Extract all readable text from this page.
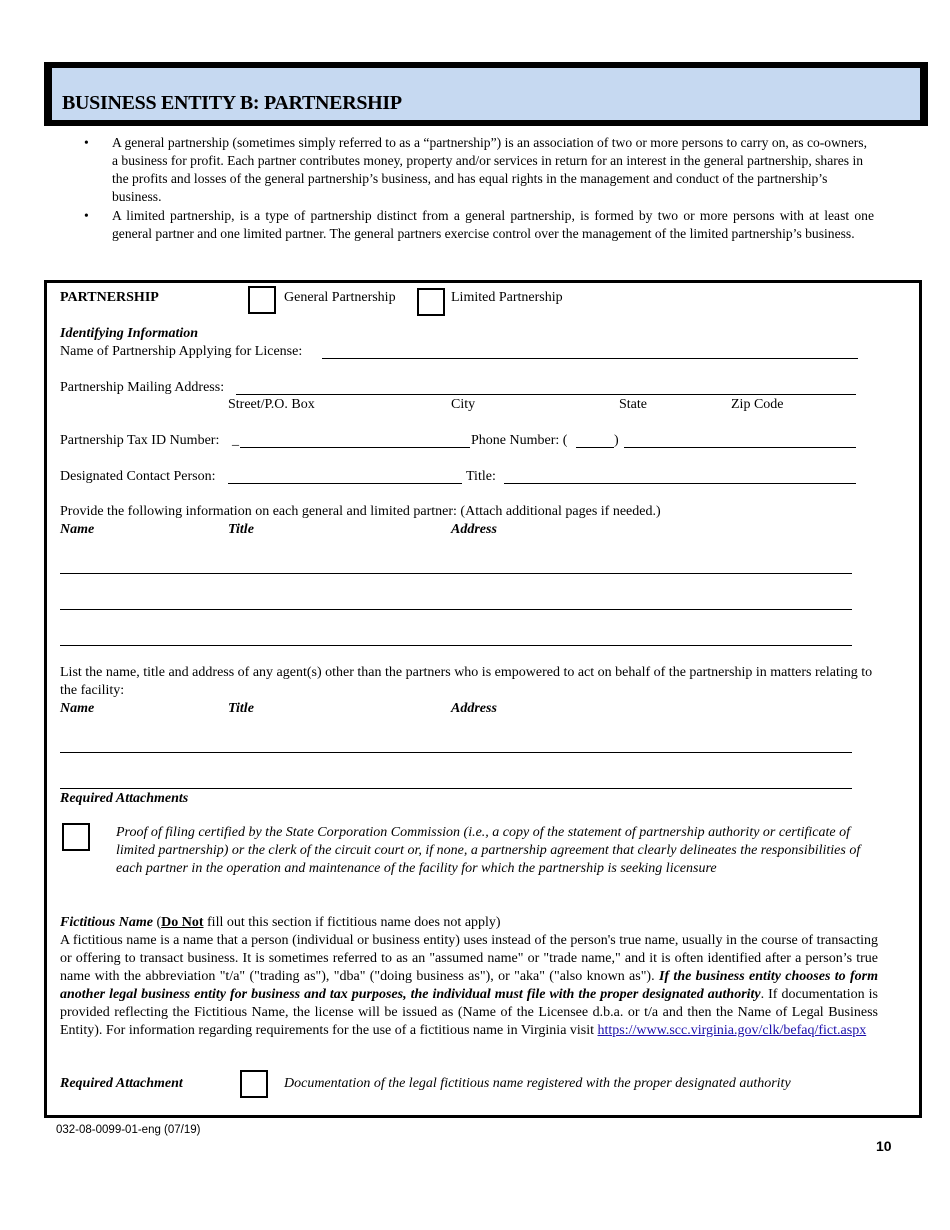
BUSINESS ENTITY B: PARTNERSHIP
• A general partnership (sometimes simply referred to as a “partnership”) is an association of two or more persons to carry on, as co-owners, a business for profit. Each partner contributes money, property and/or services in return for an interest in the general partnership, shares in the profits and losses of the general partnership’s business, and has equal rights in the management and conduct of the partnership’s business.
• A limited partnership, is a type of partnership distinct from a general partnership, is formed by two or more persons with at least one general partner and one limited partner. The general partners exercise control over the management of the limited partnership’s business.
PARTNERSHIP	General Partnership	Limited Partnership
Identifying Information
Name of Partnership Applying for License:
Partnership Mailing Address:
Street/P.O. Box	City	State	Zip Code
Partnership Tax ID Number: _	Phone Number: (	)
Designated Contact Person:	Title:
Provide the following information on each general and limited partner: (Attach additional pages if needed.)
Name	Title	Address
List the name, title and address of any agent(s) other than the partners who is empowered to act on behalf of the partnership in matters relating to the facility:
Name	Title	Address
Required Attachments
Proof of filing certified by the State Corporation Commission (i.e., a copy of the statement of partnership authority or certificate of limited partnership) or the clerk of the circuit court or, if none, a partnership agreement that clearly delineates the responsibilities of each partner in the operation and maintenance of the facility for which the partnership is seeking licensure
Fictitious Name (Do Not fill out this section if fictitious name does not apply)
A fictitious name is a name that a person (individual or business entity) uses instead of the person's true name, usually in the course of transacting or offering to transact business. It is sometimes referred to as an "assumed name" or "trade name," and it is often identified after a person’s true name with the abbreviation "t/a" ("trading as"), "dba" ("doing business as"), or "aka" ("also known as"). If the business entity chooses to form another legal business entity for business and tax purposes, the individual must file with the proper designated authority. If documentation is provided reflecting the Fictitious Name, the license will be issued as (Name of the Licensee d.b.a. or t/a and then the Name of Legal Business Entity). For information regarding requirements for the use of a fictitious name in Virginia visit https://www.scc.virginia.gov/clk/befaq/fict.aspx
Required Attachment	Documentation of the legal fictitious name registered with the proper designated authority
032-08-0099-01-eng (07/19)
10
